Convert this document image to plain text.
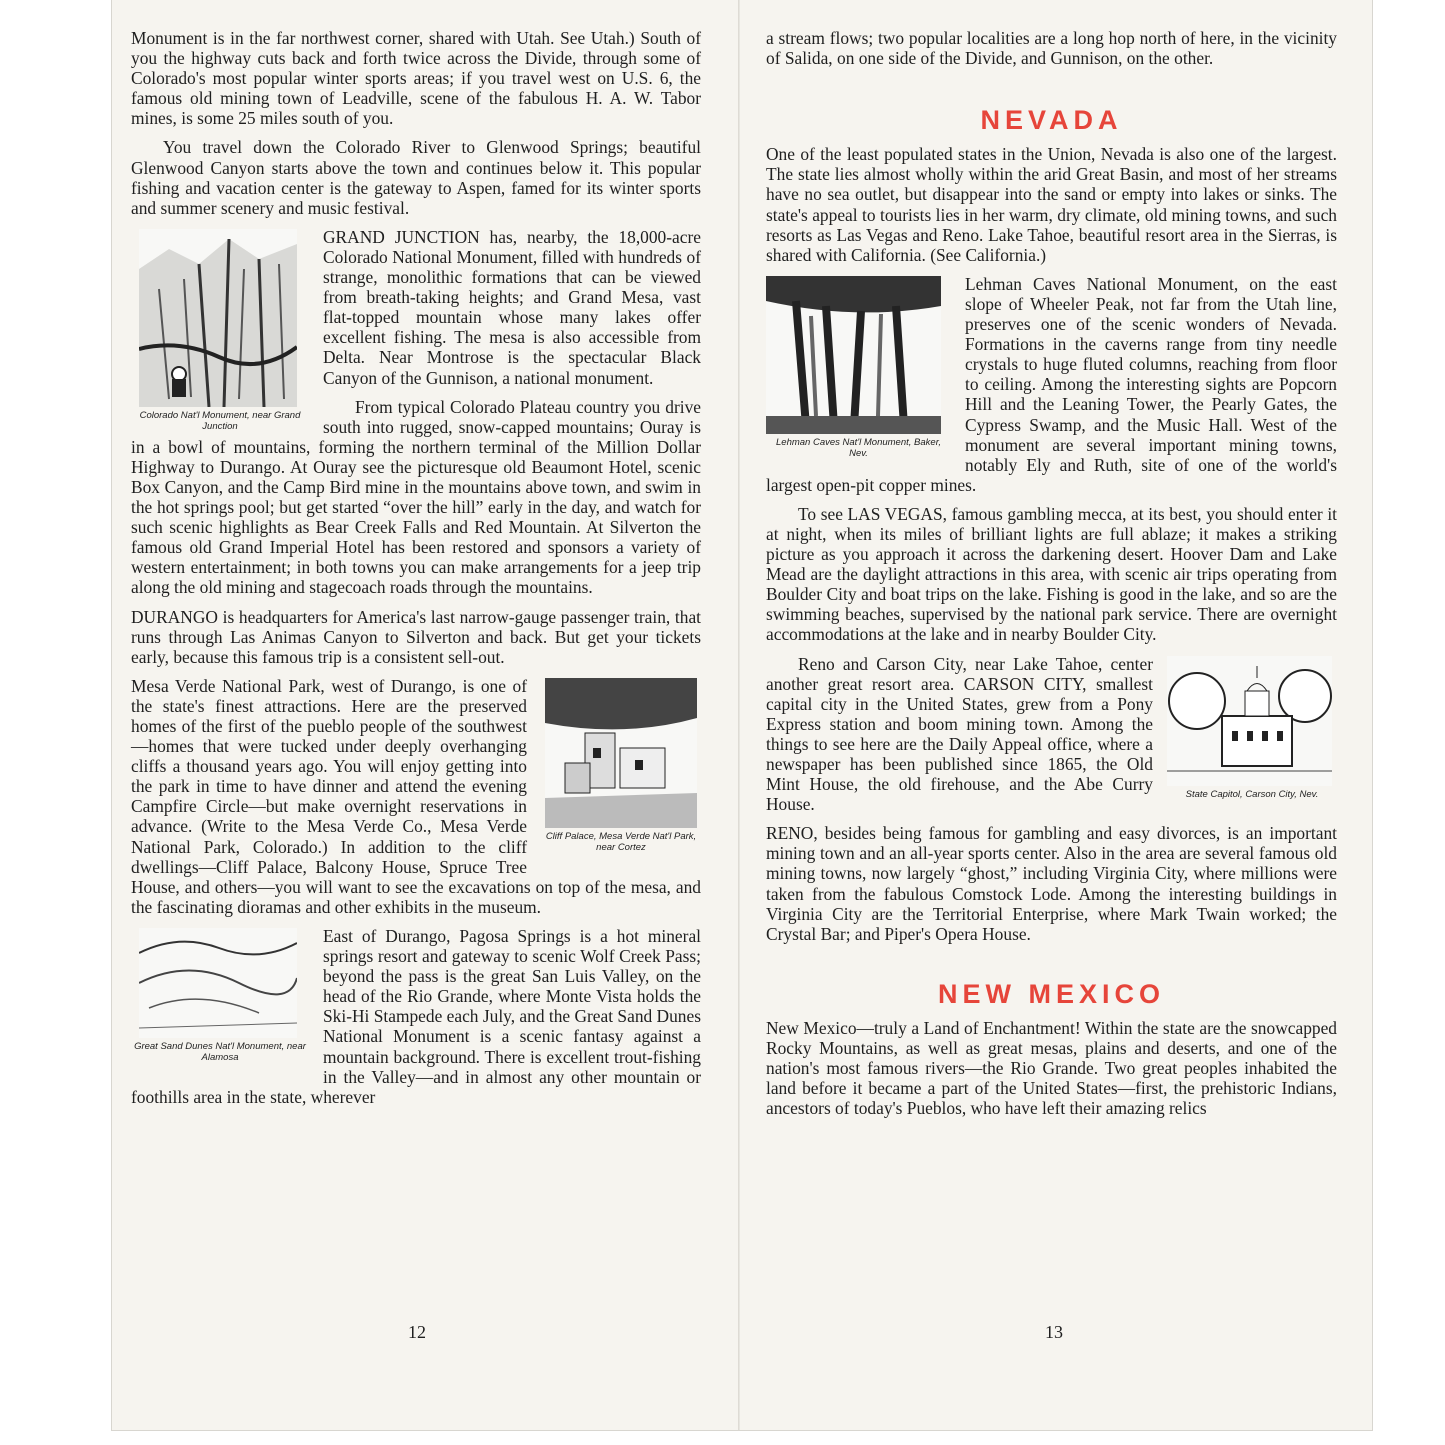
Monument is in the far northwest corner, shared with Utah. See Utah.) South of you the highway cuts back and forth twice across the Divide, through some of Colorado's most popular winter sports areas; if you travel west on U.S. 6, the famous old mining town of Leadville, scene of the fabulous H. A. W. Tabor mines, is some 25 miles south of you.

You travel down the Colorado River to Glenwood Springs; beautiful Glenwood Canyon starts above the town and continues below it. This popular fishing and vacation center is the gateway to Aspen, famed for its winter sports and summer scenery and music festival.

Colorado Nat'l Monument, near Grand Junction

GRAND JUNCTION has, nearby, the 18,000-acre Colorado National Monument, filled with hundreds of strange, monolithic formations that can be viewed from breath-taking heights; and Grand Mesa, vast flat-topped mountain whose many lakes offer excellent fishing. The mesa is also accessible from Delta. Near Montrose is the spectacular Black Canyon of the Gunnison, a national monument.

From typical Colorado Plateau country you drive south into rugged, snow-capped mountains; Ouray is in a bowl of mountains, forming the northern terminal of the Million Dollar Highway to Durango. At Ouray see the picturesque old Beaumont Hotel, scenic Box Canyon, and the Camp Bird mine in the mountains above town, and swim in the hot springs pool; but get started “over the hill” early in the day, and watch for such scenic highlights as Bear Creek Falls and Red Mountain. At Silverton the famous old Grand Imperial Hotel has been restored and sponsors a variety of western entertainment; in both towns you can make arrangements for a jeep trip along the old mining and stagecoach roads through the mountains.

DURANGO is headquarters for America's last narrow-gauge passenger train, that runs through Las Animas Canyon to Silverton and back. But get your tickets early, because this famous trip is a consistent sell-out.

Cliff Palace, Mesa Verde Nat'l Park, near Cortez

Mesa Verde National Park, west of Durango, is one of the state's finest attractions. Here are the preserved homes of the first of the pueblo people of the southwest—homes that were tucked under deeply overhanging cliffs a thousand years ago. You will enjoy getting into the park in time to have dinner and attend the evening Campfire Circle—but make overnight reservations in advance. (Write to the Mesa Verde Co., Mesa Verde National Park, Colorado.) In addition to the cliff dwellings—Cliff Palace, Balcony House, Spruce Tree House, and others—you will want to see the excavations on top of the mesa, and the fascinating dioramas and other exhibits in the museum.

Great Sand Dunes Nat'l Monument, near Alamosa

East of Durango, Pagosa Springs is a hot mineral springs resort and gateway to scenic Wolf Creek Pass; beyond the pass is the great San Luis Valley, on the head of the Rio Grande, where Monte Vista holds the Ski-Hi Stampede each July, and the Great Sand Dunes National Monument is a scenic fantasy against a mountain background. There is excellent trout-fishing in the Valley—and in almost any other mountain or foothills area in the state, wherever

12

a stream flows; two popular localities are a long hop north of here, in the vicinity of Salida, on one side of the Divide, and Gunnison, on the other.

NEVADA

One of the least populated states in the Union, Nevada is also one of the largest. The state lies almost wholly within the arid Great Basin, and most of her streams have no sea outlet, but disappear into the sand or empty into lakes or sinks. The state's appeal to tourists lies in her warm, dry climate, old mining towns, and such resorts as Las Vegas and Reno. Lake Tahoe, beautiful resort area in the Sierras, is shared with California. (See California.)

Lehman Caves Nat'l Monument, Baker, Nev.

Lehman Caves National Monument, on the east slope of Wheeler Peak, not far from the Utah line, preserves one of the scenic wonders of Nevada. Formations in the caverns range from tiny needle crystals to huge fluted columns, reaching from floor to ceiling. Among the interesting sights are Popcorn Hill and the Leaning Tower, the Pearly Gates, the Cypress Swamp, and the Music Hall. West of the monument are several important mining towns, notably Ely and Ruth, site of one of the world's largest open-pit copper mines.

To see LAS VEGAS, famous gambling mecca, at its best, you should enter it at night, when its miles of brilliant lights are full ablaze; it makes a striking picture as you approach it across the darkening desert. Hoover Dam and Lake Mead are the daylight attractions in this area, with scenic air trips operating from Boulder City and boat trips on the lake. Fishing is good in the lake, and so are the swimming beaches, supervised by the national park service. There are overnight accommodations at the lake and in nearby Boulder City.

State Capitol, Carson City, Nev.

Reno and Carson City, near Lake Tahoe, center another great resort area. CARSON CITY, smallest capital city in the United States, grew from a Pony Express station and boom mining town. Among the things to see here are the Daily Appeal office, where a newspaper has been published since 1865, the Old Mint House, the old firehouse, and the Abe Curry House.

RENO, besides being famous for gambling and easy divorces, is an important mining town and an all-year sports center. Also in the area are several famous old mining towns, now largely “ghost,” including Virginia City, where millions were taken from the fabulous Comstock Lode. Among the interesting buildings in Virginia City are the Territorial Enterprise, where Mark Twain worked; the Crystal Bar; and Piper's Opera House.

NEW MEXICO

New Mexico—truly a Land of Enchantment! Within the state are the snowcapped Rocky Mountains, as well as great mesas, plains and deserts, and one of the nation's most famous rivers—the Rio Grande. Two great peoples inhabited the land before it became a part of the United States—first, the prehistoric Indians, ancestors of today's Pueblos, who have left their amazing relics

13
